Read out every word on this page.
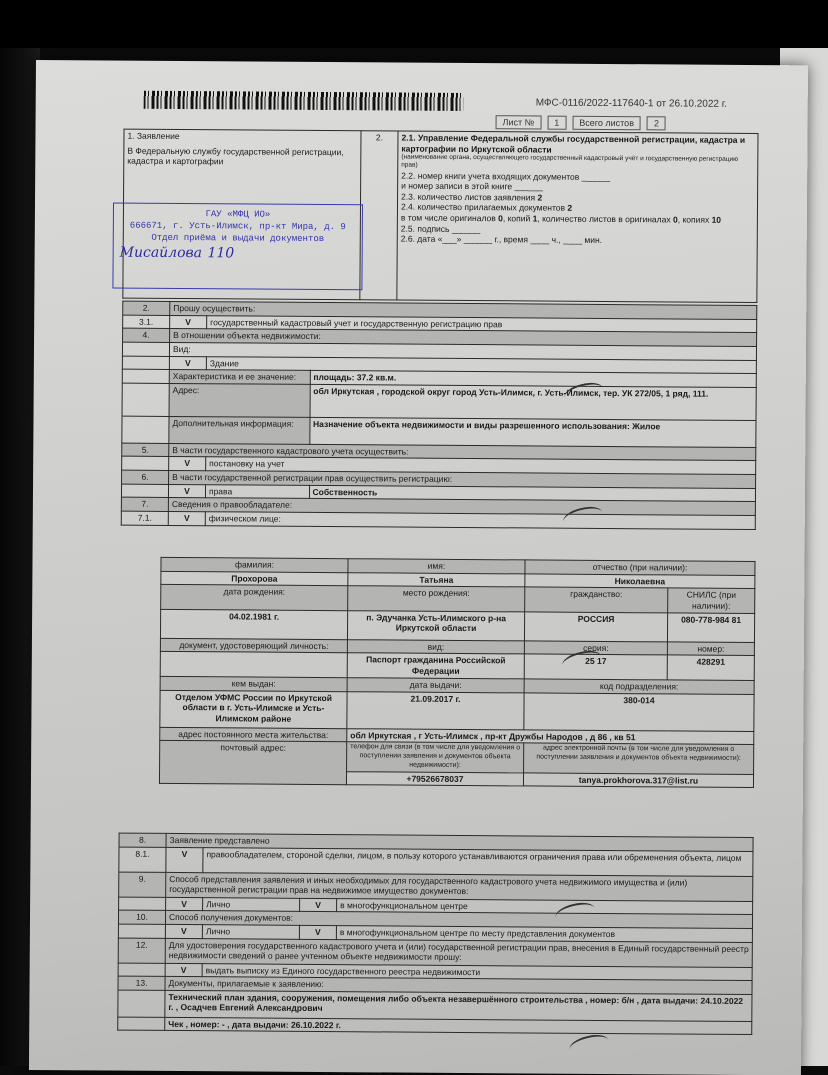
МФС-0116/2022-117640-1 от 26.10.2022 г.
Лист №	1	Всего листов	2
1. Заявление
В Федеральную службу государственной регистрации, кадастра и картографии
	2.	2.1. Управление Федеральной службы государственной регистрации, кадастра и картографии по Иркутской области
(наименование органа, осуществляющего государственный кадастровый учёт и государственную регистрацию прав)
2.2. номер книги учета входящих документов ______
и номер записи в этой книге ______
2.3. количество листов заявления 2
2.4. количество прилагаемых документов 2
в том числе оригиналов 0, копий 1, количество листов в оригиналах 0, копиях 10
2.5. подпись ______
2.6. дата «___» ______ г., время ____ ч., ____ мин.
ГАУ «МФЦ ИО»
666671, г. Усть-Илимск, пр-кт Мира, д. 9
Отдел приёма и выдачи документов
Мисайлова 110
2.	Прошу осуществить:		
3.1.	V	государственный кадастровый учет и государственную регистрацию прав	
4.	В отношении объекта недвижимости:		
	Вид:		
	V	Здание	
	Характеристика и ее значение:		площадь: 37.2 кв.м.
	Адрес:		обл Иркутская , городской округ город Усть-Илимск, г. Усть-Илимск, тер. УК 272/05, 1 ряд, 111.
	Дополнительная информация:		Назначение объекта недвижимости и виды разрешенного использования: Жилое
5.	В части государственного кадастрового учета осуществить:		
	V	постановку на учет	
6.	В части государственной регистрации прав осуществить регистрацию:		
	V	права	Собственность
7.	Сведения о правообладателе:		
7.1.	V	физическом лице:	
фамилия:	имя:	отчество (при наличии):	
Прохорова	Татьяна	Николаевна	
дата рождения:	место рождения:	гражданство:	СНИЛС (при наличии):
04.02.1981 г.	п. Эдучанка Усть-Илимского р-на Иркутской области	РОССИЯ	080-778-984 81
документ, удостоверяющий личность:	вид:	серия:	номер:
	Паспорт гражданина Российской Федерации	25 17	428291
кем выдан:	дата выдачи:	код подразделения:	
Отделом УФМС России по Иркутской области в г. Усть-Илимске и Усть-Илимском районе	21.09.2017 г.	380-014	
адрес постоянного места жительства:	обл Иркутская , г Усть-Илимск , пр-кт Дружбы Народов , д 86 , кв 51		
почтовый адрес:	телефон для связи (в том числе для уведомления о поступлении заявления и документов объекта недвижимости):	адрес электронной почты (в том числе для уведомления о поступлении заявления и документов объекта недвижимости):	
	+79526678037	tanya.prokhorova.317@list.ru	
8.	Заявление представлено			
8.1.	V	правообладателем, стороной сделки, лицом, в пользу которого устанавливаются ограничения права или обременения объекта, лицом		
9.	Способ представления заявления и иных необходимых для государственного кадастрового учета недвижимого имущества и (или) государственной регистрации прав на недвижимое имущество документов:			
	V	Лично	V	в многофункциональном центре
10.	Способ получения документов:			
	V	Лично	V	в многофункциональном центре по месту представления документов
12.	Для удостоверения государственного кадастрового учета и (или) государственной регистрации прав, внесения в Единый государственный реестр недвижимости сведений о ранее учтенном объекте недвижимости прошу:			
	V	выдать выписку из Единого государственного реестра недвижимости		
13.	Документы, прилагаемые к заявлению:			
	Технический план здания, сооружения, помещения либо объекта незавершённого строительства , номер: б/н , дата выдачи: 24.10.2022 г. , Осадчев Евгений Александрович			
	Чек , номер: - , дата выдачи: 26.10.2022 г.			
